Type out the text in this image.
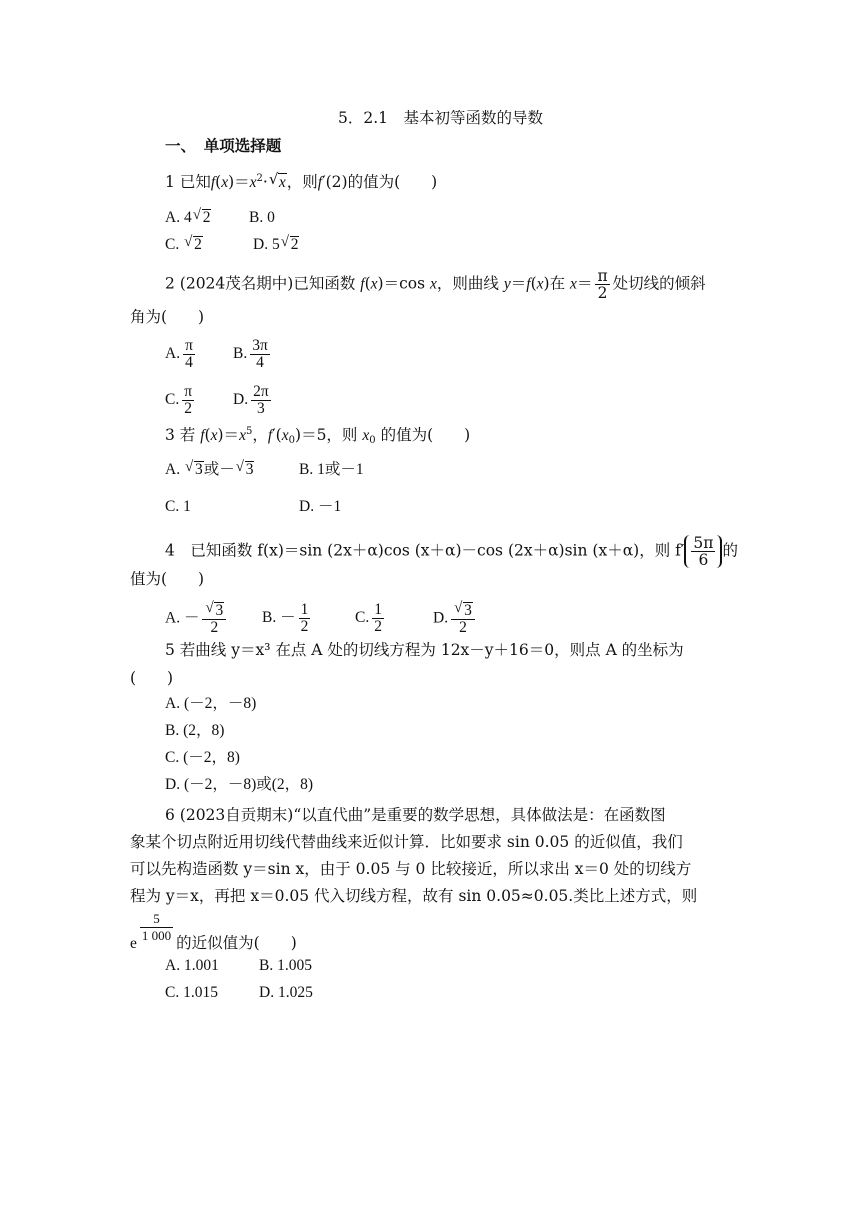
5．2.1　基本初等函数的导数
一、　单项选择题
1 已知$f(x)=x^2\cdot√$ x，则f′(2)的值为(　　)
A. 4√ 2 B. 0
C. √ 2	D. 5√ 2
2 (2024茂名期中)已知函数 f(x)＝cos x，则曲线 y＝f(x)在 $x= \frac{\pi}{2}$ 处切线的倾斜
角为(　　)
A. $\frac{\pi}{4} B$. $\frac{3\pi}{4}$
C. $\frac{\pi}{2}$	D. $\frac{2\pi}{3}$
3 若 $f(x)=x^5$，$f'(x_0)=5$，则 $x_0$ 的值为(　　)
A. √ 3或－√ 3	B. 1或－1
C. 1	D. －1
4　已知函数 f(x)＝sin (2x＋α)cos (x＋α)－cos (2x＋α)sin (x＋α)，则 $f' \frac{5\pi}{6}$ 的
值为(　　)
A. －
√ $\frac{3}{2} B$. － $\frac{1}{2}$	C. $\frac{1}{2}$	D.
√ $\frac{3}{2}$
5 若曲线 y＝x³ 在点 A 处的切线方程为 12x－y＋16＝0，则点 A 的坐标为
(　　)
A. (－2，－8)
B. (2，8)
C. (－2，8)
D. (－2，－8)或(2，8)
6 (2023自贡期末)“以直代曲”是重要的数学思想，具体做法是：在函数图
象某个切点附近用切线代替曲线来近似计算．比如要求 sin 0.05 的近似值，我们
可以先构造函数 y＝sin x，由于 0.05 与 0 比较接近，所以求出 x＝0 处的切线方
程为 y＝x，再把 x＝0.05 代入切线方程，故有 sin 0.05≈0.05.类比上述方式，则
e $\frac{5}{1 000}$ 的近似值为(　　)
A. 1.001	B. 1.005
C. 1.015	D. 1.025
